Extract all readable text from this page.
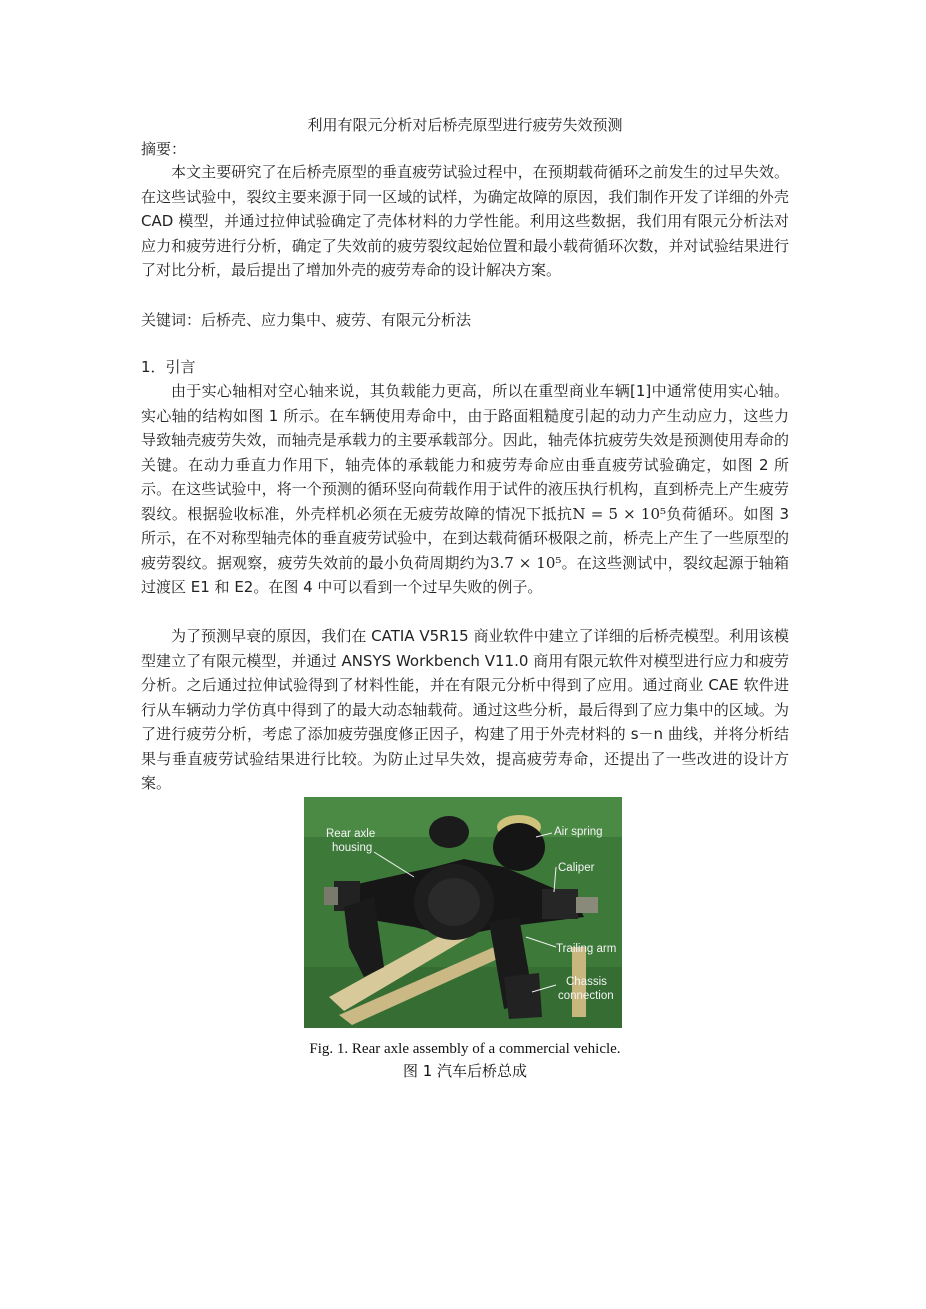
利用有限元分析对后桥壳原型进行疲劳失效预测
摘要：

本文主要研究了在后桥壳原型的垂直疲劳试验过程中，在预期载荷循环之前发生的过早失效。在这些试验中，裂纹主要来源于同一区域的试样，为确定故障的原因，我们制作开发了详细的外壳 CAD 模型，并通过拉伸试验确定了壳体材料的力学性能。利用这些数据，我们用有限元分析法对应力和疲劳进行分析，确定了失效前的疲劳裂纹起始位置和最小载荷循环次数，并对试验结果进行了对比分析，最后提出了增加外壳的疲劳寿命的设计解决方案。

关键词：后桥壳、应力集中、疲劳、有限元分析法
1．引言

由于实心轴相对空心轴来说，其负载能力更高，所以在重型商业车辆[1]中通常使用实心轴。实心轴的结构如图 1 所示。在车辆使用寿命中，由于路面粗糙度引起的动力产生动应力，这些力导致轴壳疲劳失效，而轴壳是承载力的主要承载部分。因此，轴壳体抗疲劳失效是预测使用寿命的关键。在动力垂直力作用下，轴壳体的承载能力和疲劳寿命应由垂直疲劳试验确定，如图 2 所示。在这些试验中，将一个预测的循环竖向荷载作用于试件的液压执行机构，直到桥壳上产生疲劳裂纹。根据验收标准，外壳样机必须在无疲劳故障的情况下抵抗N = 5 × 10⁵负荷循环。如图 3 所示，在不对称型轴壳体的垂直疲劳试验中，在到达载荷循环极限之前，桥壳上产生了一些原型的疲劳裂纹。据观察，疲劳失效前的最小负荷周期约为3.7 × 10⁵。在这些测试中，裂纹起源于轴箱过渡区 E1 和 E2。在图 4 中可以看到一个过早失败的例子。

为了预测早衰的原因，我们在 CATIA V5R15 商业软件中建立了详细的后桥壳模型。利用该模型建立了有限元模型，并通过 ANSYS Workbench V11.0 商用有限元软件对模型进行应力和疲劳分析。之后通过拉伸试验得到了材料性能，并在有限元分析中得到了应用。通过商业 CAE 软件进行从车辆动力学仿真中得到了的最大动态轴载荷。通过这些分析，最后得到了应力集中的区域。为了进行疲劳分析，考虑了添加疲劳强度修正因子，构建了用于外壳材料的 s－n 曲线，并将分析结果与垂直疲劳试验结果进行比较。为防止过早失效，提高疲劳寿命，还提出了一些改进的设计方案。

Rear axle
housing
Air spring
Caliper
Trailing arm
Chassis
connection
Fig. 1. Rear axle assembly of a commercial vehicle.
图 1 汽车后桥总成
